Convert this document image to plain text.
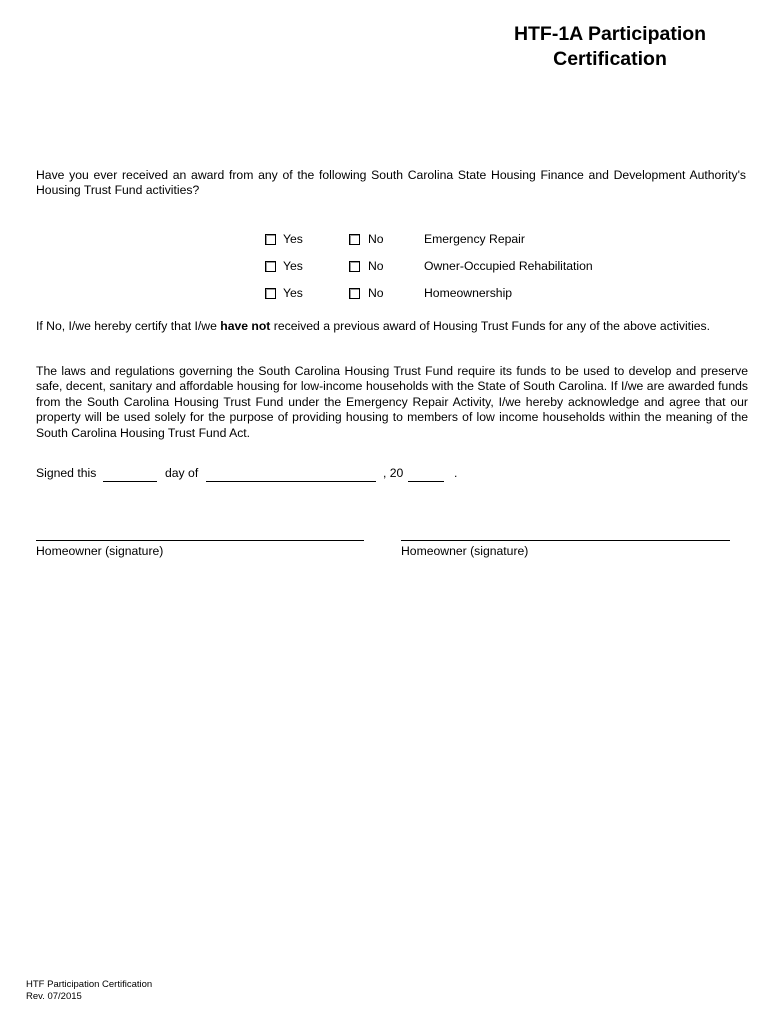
HTF-1A Participation
Certification

Have you ever received an award from any of the following South Carolina State Housing Finance and Development Authority's Housing Trust Fund activities?

Yes	No	Emergency Repair
Yes	No	Owner-Occupied Rehabilitation
Yes	No	Homeownership

If No, I/we hereby certify that I/we have not received a previous award of Housing Trust Funds for any of the above activities.

The laws and regulations governing the South Carolina Housing Trust Fund require its funds to be used to develop and preserve safe, decent, sanitary and affordable housing for low-income households with the State of South Carolina. If I/we are awarded funds from the South Carolina Housing Trust Fund under the Emergency Repair Activity, I/we hereby acknowledge and agree that our property will be used solely for the purpose of providing housing to members of low income households within the meaning of the South Carolina Housing Trust Fund Act.

Signed this	day of	, 20	.
Homeowner (signature)	Homeowner (signature)
HTF Participation Certification
Rev. 07/2015
